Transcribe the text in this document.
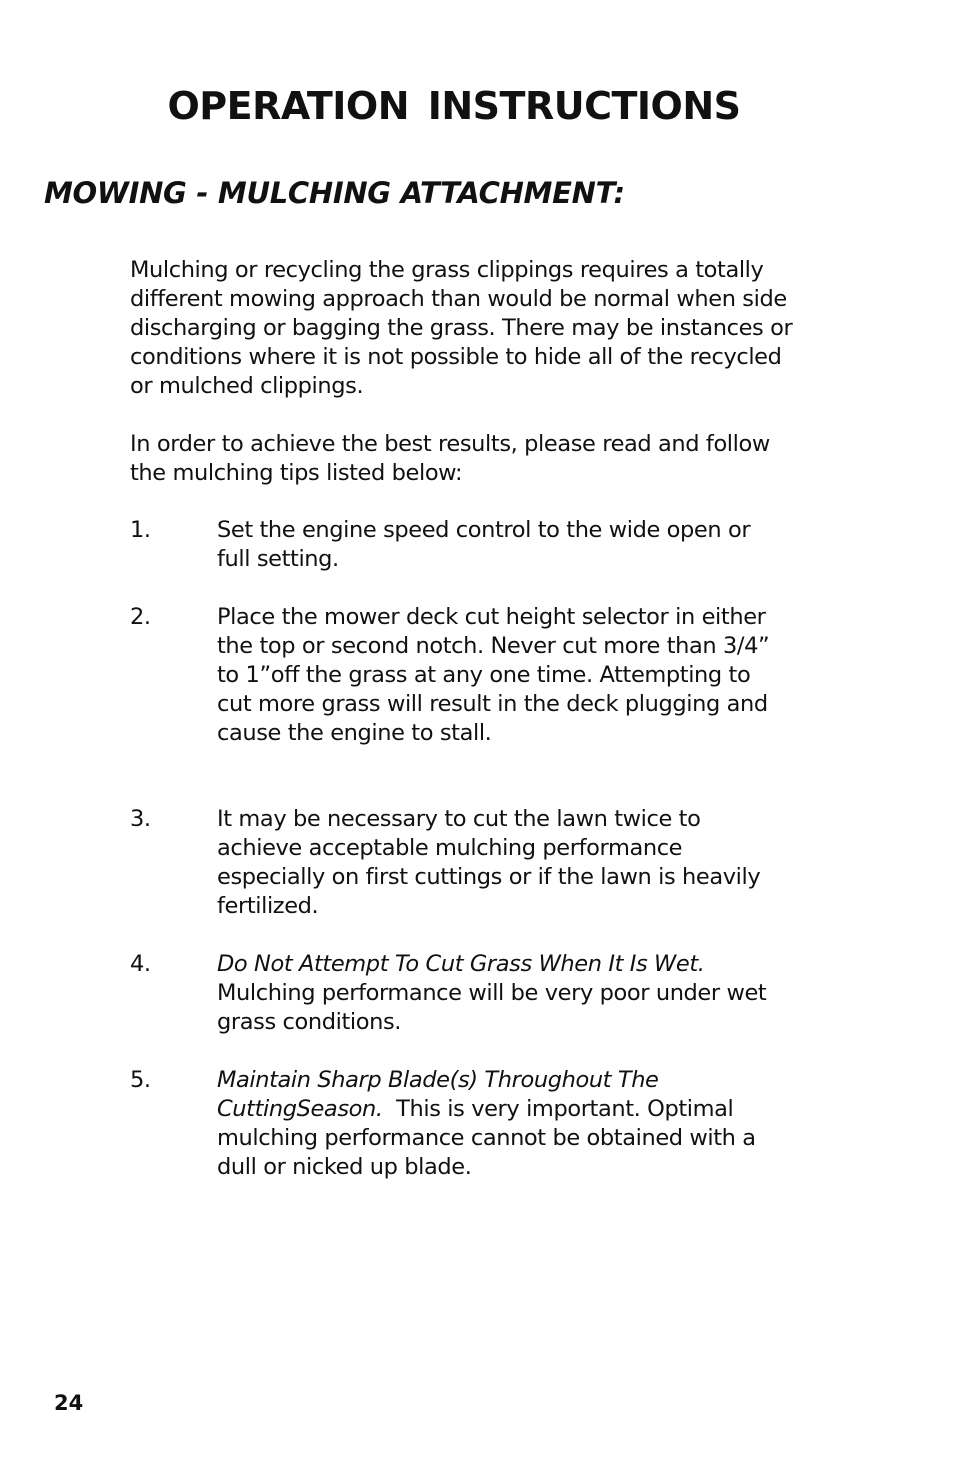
OPERATION INSTRUCTIONS
MOWING - MULCHING ATTACHMENT:

Mulching or recycling the grass clippings requires a totally different mowing approach than would be normal when side discharging or bagging the grass. There may be instances or conditions where it is not possible to hide all of the recycled or mulched clippings.

In order to achieve the best results, please read and follow the mulching tips listed below:

1.	Set the engine speed control to the wide open or full setting.
2.	Place the mower deck cut height selector in either the top or second notch. Never cut more than 3/4” to 1”off the grass at any one time. Attempting to cut more grass will result in the deck plugging and cause the engine to stall.
3.	It may be necessary to cut the lawn twice to achieve acceptable mulching performance especially on first cuttings or if the lawn is heavily fertilized.
4.	Do Not Attempt To Cut Grass When It Is Wet. Mulching performance will be very poor under wet grass conditions.
5.	Maintain Sharp Blade(s) Throughout The CuttingSeason. This is very important. Optimal mulching performance cannot be obtained with a dull or nicked up blade.
24
